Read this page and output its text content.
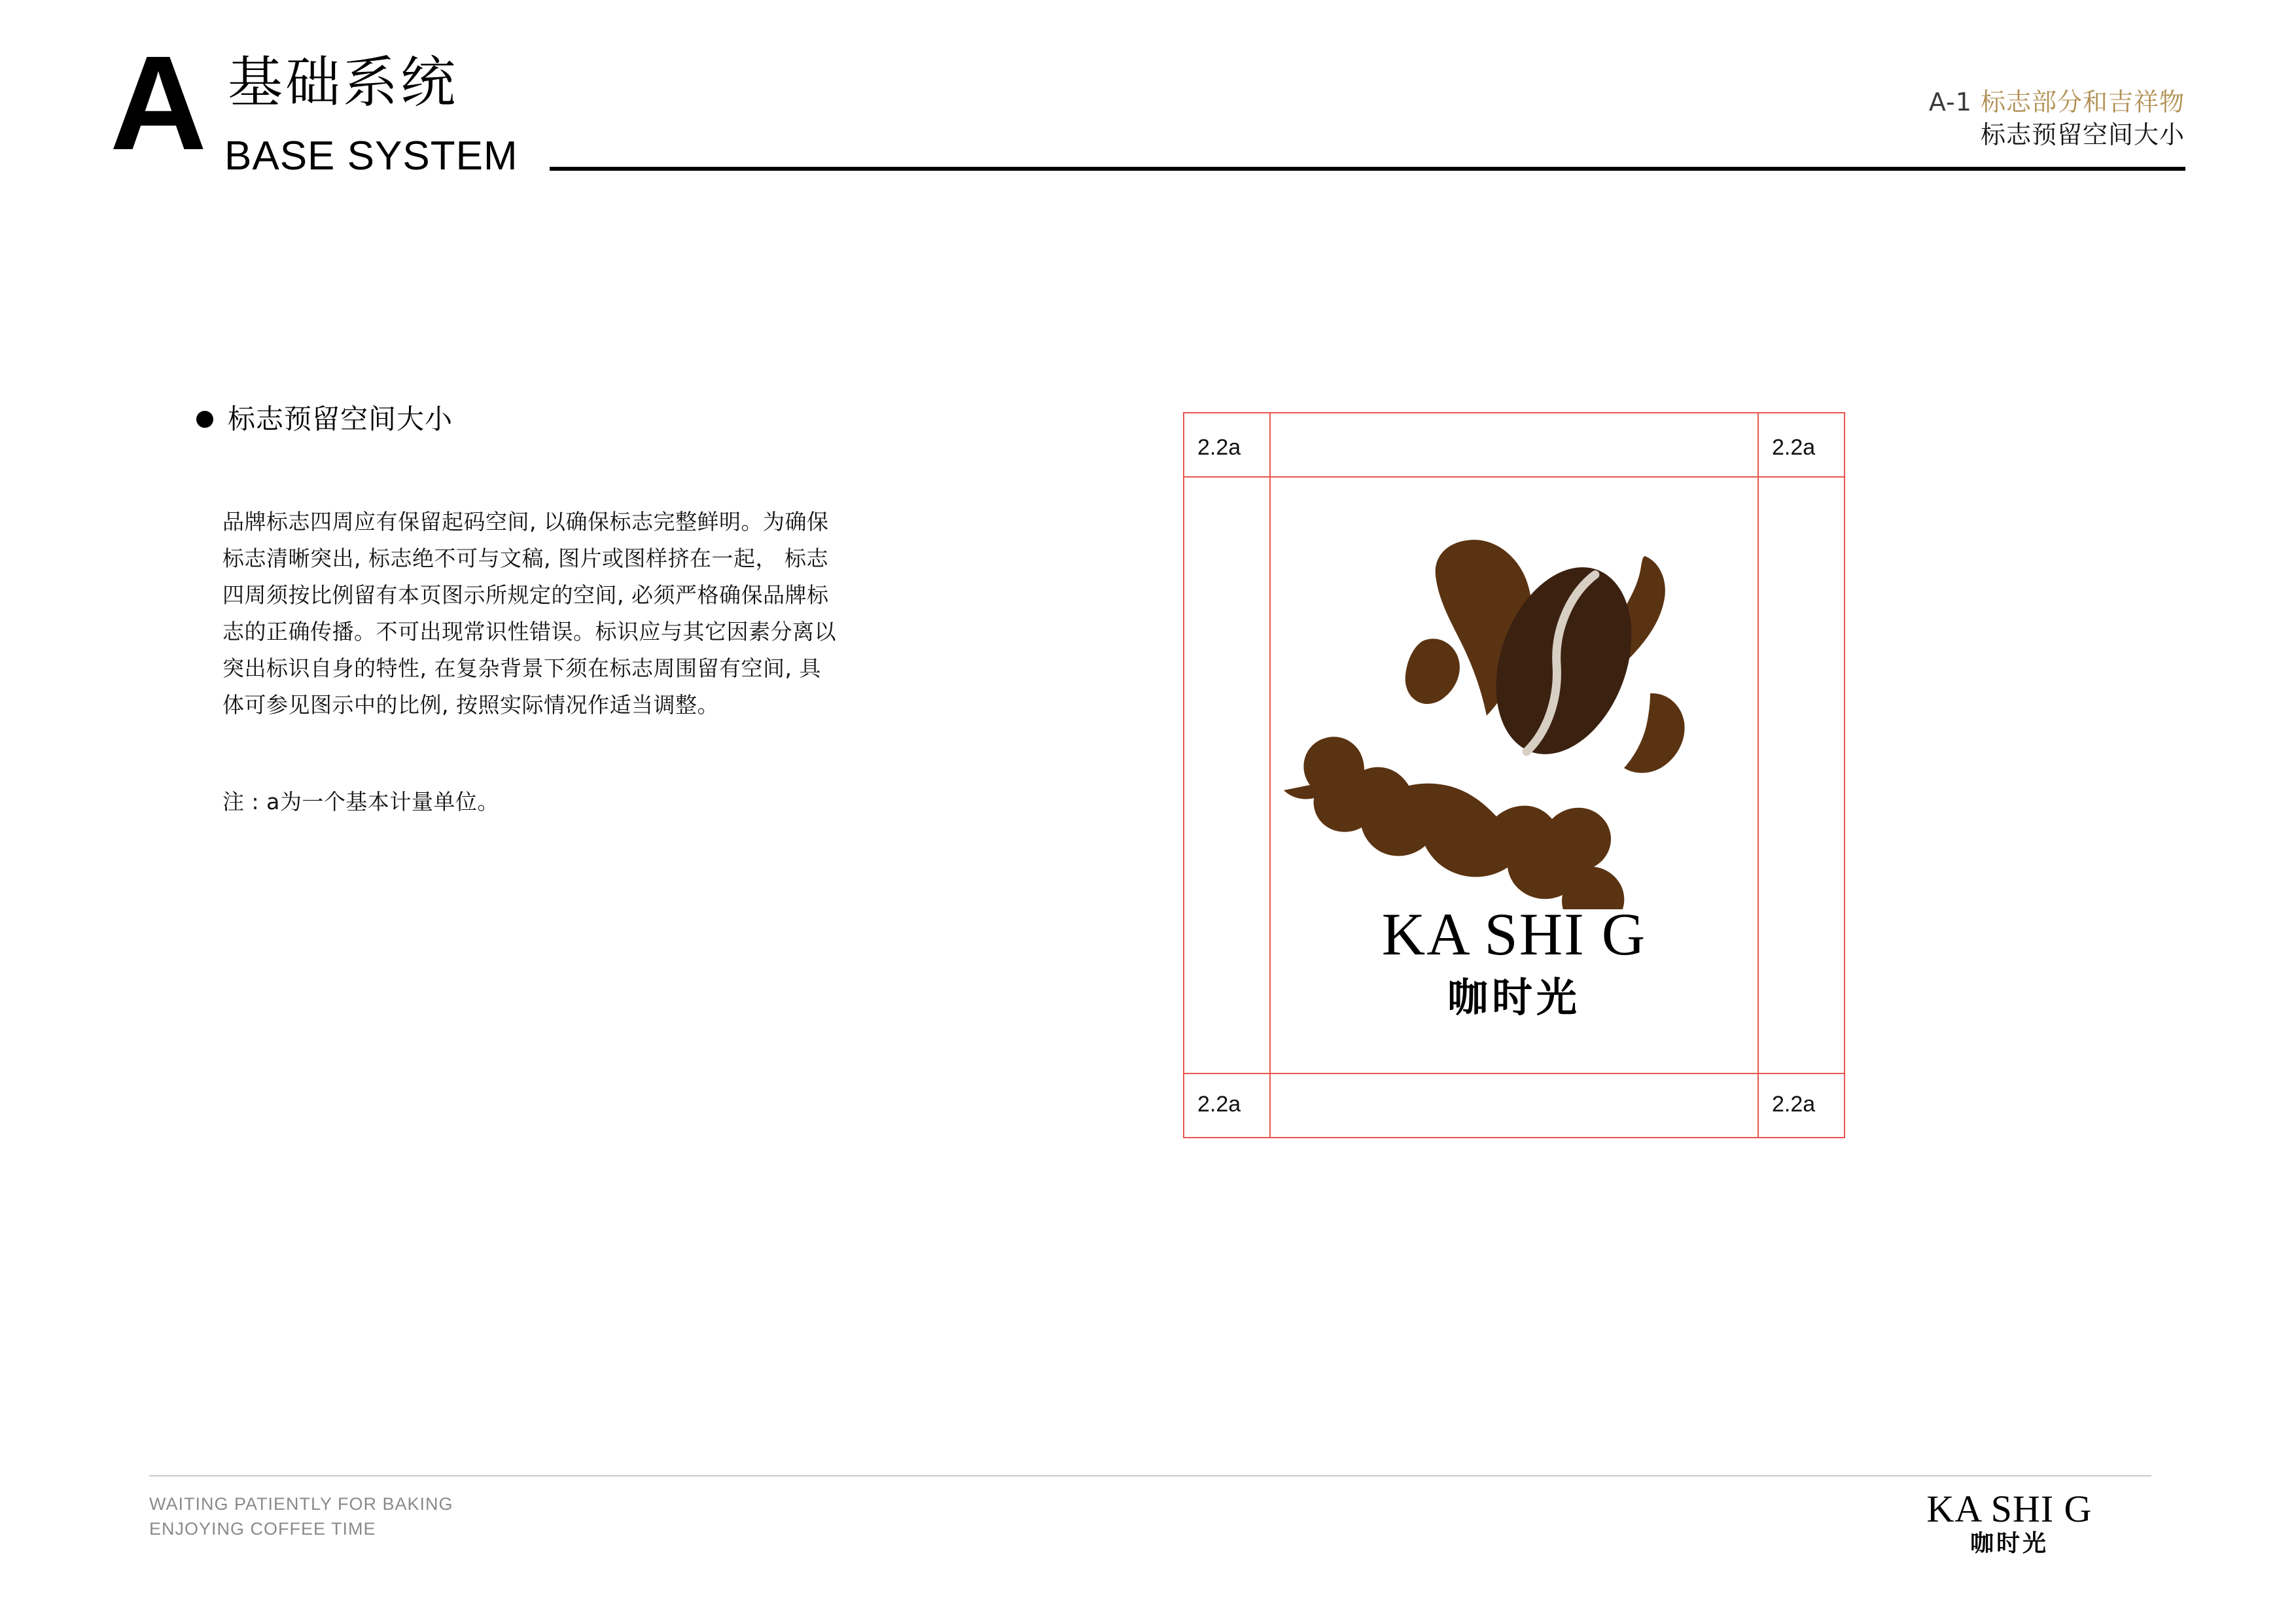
A 基础系统
BASE SYSTEM
A-1 标志部分和吉祥物
标志预留空间大小
标志预留空间大小
品牌标志四周应有保留起码空间, 以确保标志完整鲜明。为确保标志清晰突出, 标志绝不可与文稿, 图片或图样挤在一起， 标志四周须按比例留有本页图示所规定的空间, 必须严格确保品牌标志的正确传播。不可出现常识性错误。标识应与其它因素分离以突出标识自身的特性, 在复杂背景下须在标志周围留有空间, 具体可参见图示中的比例, 按照实际情况作适当调整。
注 : a为一个基本计量单位。
2.2a	2.2a
2.2a	2.2a
KA SHI G
咖时光
WAITING PATIENTLY FOR BAKING
ENJOYING COFFEE TIME	KA SHI G
咖时光
